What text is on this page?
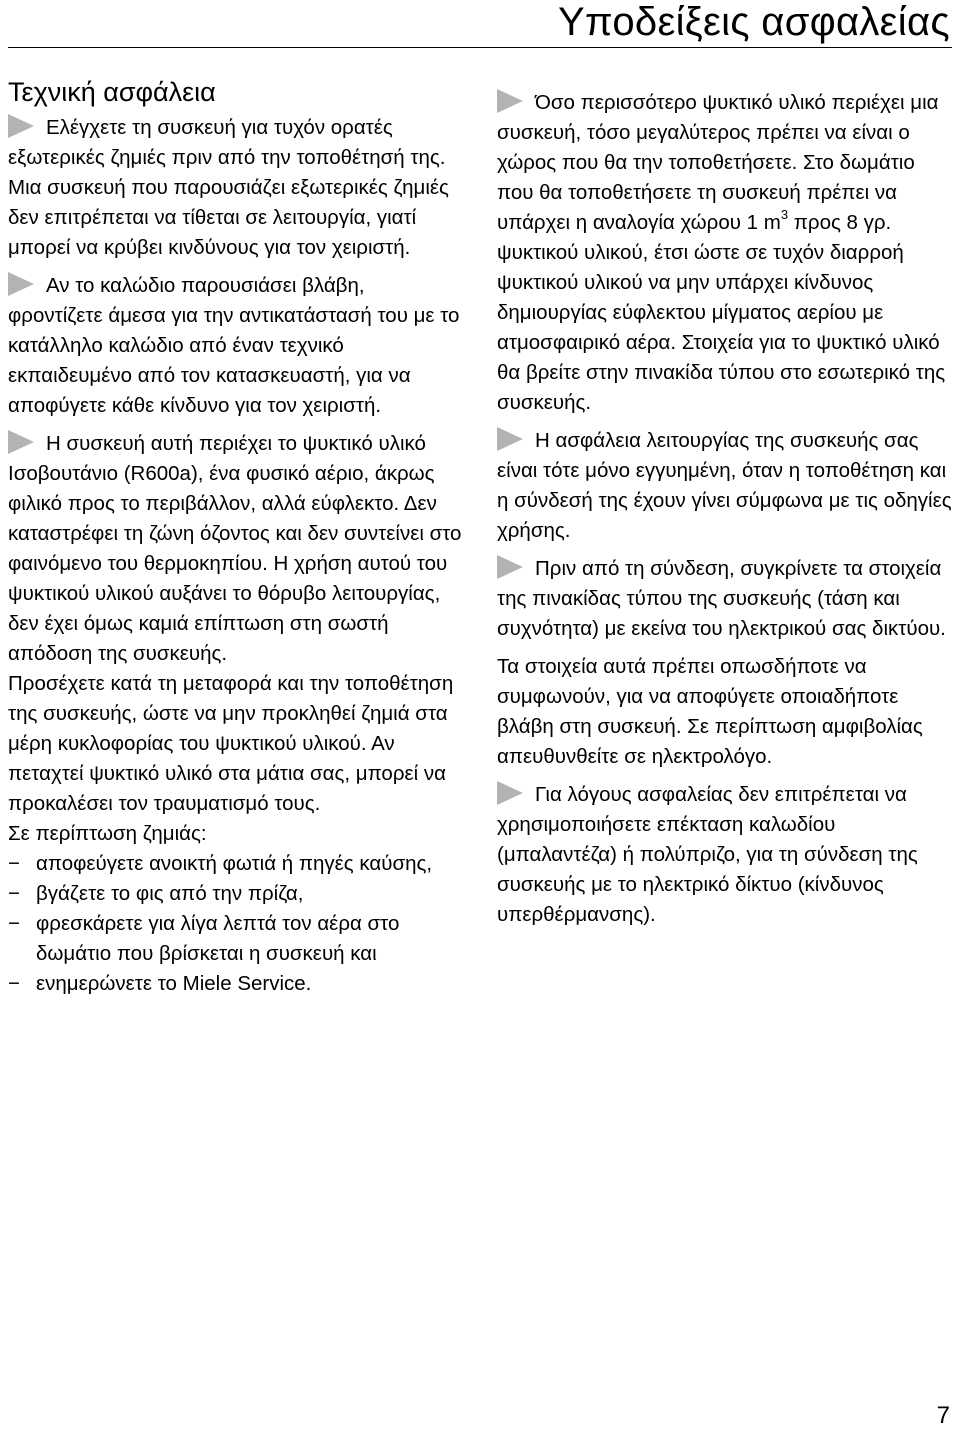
Υποδείξεις ασφαλείας
Τεχνική ασφάλεια

Ελέγχετε τη συσκευή για τυχόν ορατές εξωτερικές ζημιές πριν από την τοποθέτησή της.

Μια συσκευή που παρουσιάζει εξωτερικές ζημιές δεν επιτρέπεται να τίθεται σε λειτουργία, γιατί μπορεί να κρύβει κινδύνους για τον χειριστή.

Αν το καλώδιο παρουσιάσει βλάβη, φροντίζετε άμεσα για την αντικατάστασή του με το κατάλληλο καλώδιο από έναν τεχνικό εκπαιδευμένο από τον κατασκευαστή, για να αποφύγετε κάθε κίνδυνο για τον χειριστή.

Η συσκευή αυτή περιέχει το ψυκτικό υλικό Ισοβουτάνιο (R600a), ένα φυσικό αέριο, άκρως φιλικό προς το περιβάλλον, αλλά εύφλεκτο. Δεν καταστρέφει τη ζώνη όζοντος και δεν συντείνει στο φαινόμενο του θερμοκηπίου. Η χρήση αυτού του ψυκτικού υλικού αυξάνει το θόρυβο λειτουργίας, δεν έχει όμως καμιά επίπτωση στη σωστή απόδοση της συσκευής.

Προσέχετε κατά τη μεταφορά και την τοποθέτηση της συσκευής, ώστε να μην προκληθεί ζημιά στα μέρη κυκλοφορίας του ψυκτικού υλικού. Αν πεταχτεί ψυκτικό υλικό στα μάτια σας, μπορεί να προκαλέσει τον τραυματισμό τους.

Σε περίπτωση ζημιάς:

− αποφεύγετε ανοικτή φωτιά ή πηγές καύσης,
− βγάζετε το φις από την πρίζα,
− φρεσκάρετε για λίγα λεπτά τον αέρα στο δωμάτιο που βρίσκεται η συσκευή και
− ενημερώνετε το Miele Service.

Όσο περισσότερο ψυκτικό υλικό περιέχει μια συσκευή, τόσο μεγαλύτερος πρέπει να είναι ο χώρος που θα την τοποθετήσετε. Στο δωμάτιο που θα τοποθετήσετε τη συσκευή πρέπει να υπάρχει η αναλογία χώρου 1 $m^3$ προς 8 γρ. ψυκτικού υλικού, έτσι ώστε σε τυχόν διαρροή ψυκτικού υλικού να μην υπάρχει κίνδυνος δημιουργίας εύφλεκτου μίγματος αερίου με ατμοσφαιρικό αέρα. Στοιχεία για το ψυκτικό υλικό θα βρείτε στην πινακίδα τύπου στο εσωτερικό της συσκευής.

Η ασφάλεια λειτουργίας της συσκευής σας είναι τότε μόνο εγγυημένη, όταν η τοποθέτηση και η σύνδεσή της έχουν γίνει σύμφωνα με τις οδηγίες χρήσης.

Πριν από τη σύνδεση, συγκρίνετε τα στοιχεία της πινακίδας τύπου της συσκευής (τάση και συχνότητα) με εκείνα του ηλεκτρικού σας δικτύου.

Τα στοιχεία αυτά πρέπει οπωσδήποτε να συμφωνούν, για να αποφύγετε οποιαδήποτε βλάβη στη συσκευή. Σε περίπτωση αμφιβολίας απευθυνθείτε σε ηλεκτρολόγο.

Για λόγους ασφαλείας δεν επιτρέπεται να χρησιμοποιήσετε επέκταση καλωδίου (μπαλαντέζα) ή πολύπριζο, για τη σύνδεση της συσκευής με το ηλεκτρικό δίκτυο (κίνδυνος υπερθέρμανσης).

7
